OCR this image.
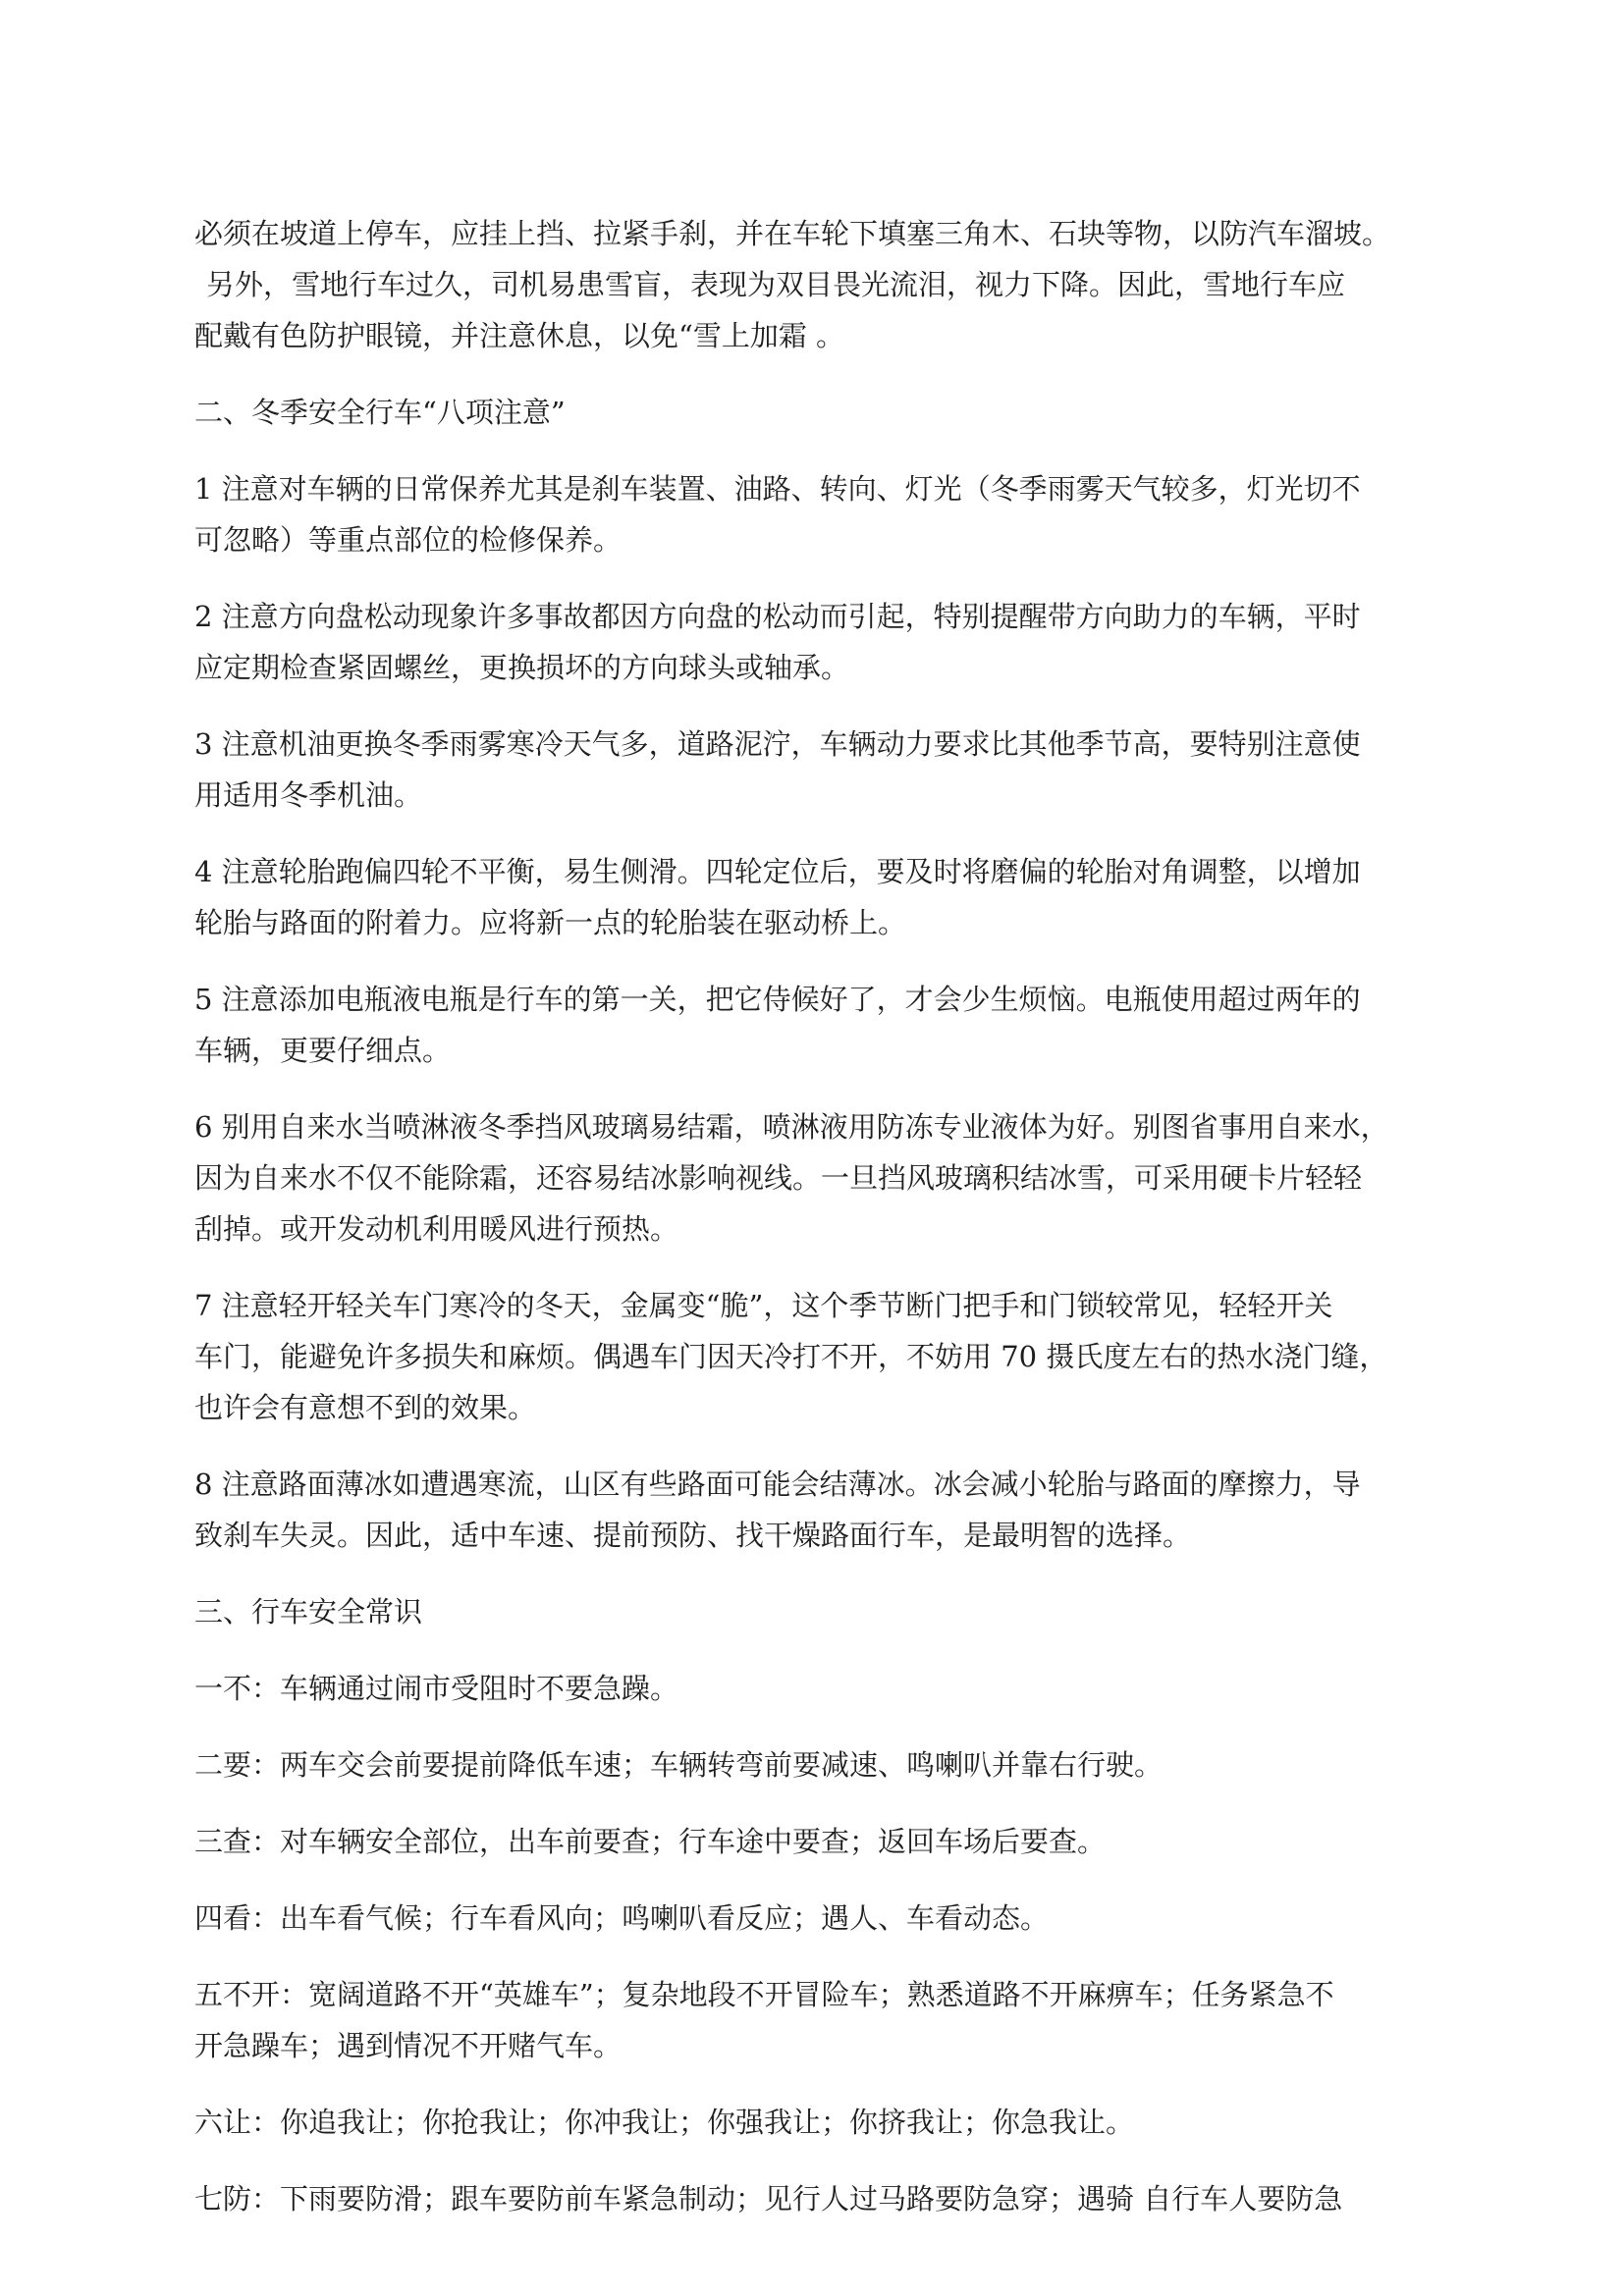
必须在坡道上停车，应挂上挡、拉紧手刹，并在车轮下填塞三角木、石块等物，以防汽车溜坡。
另外，雪地行车过久，司机易患雪盲，表现为双目畏光流泪，视力下降。因此，雪地行车应
配戴有色防护眼镜，并注意休息，以免“雪上加霜 。
二、冬季安全行车“八项注意”
1 注意对车辆的日常保养尤其是刹车装置、油路、转向、灯光（冬季雨雾天气较多，灯光切不
可忽略）等重点部位的检修保养。
2 注意方向盘松动现象许多事故都因方向盘的松动而引起，特别提醒带方向助力的车辆，平时
应定期检查紧固螺丝，更换损坏的方向球头或轴承。
3 注意机油更换冬季雨雾寒冷天气多，道路泥泞，车辆动力要求比其他季节高，要特别注意使
用适用冬季机油。
4 注意轮胎跑偏四轮不平衡，易生侧滑。四轮定位后，要及时将磨偏的轮胎对角调整，以增加
轮胎与路面的附着力。应将新一点的轮胎装在驱动桥上。
5 注意添加电瓶液电瓶是行车的第一关，把它侍候好了，才会少生烦恼。电瓶使用超过两年的
车辆，更要仔细点。
6 别用自来水当喷淋液冬季挡风玻璃易结霜，喷淋液用防冻专业液体为好。别图省事用自来水，
因为自来水不仅不能除霜，还容易结冰影响视线。一旦挡风玻璃积结冰雪，可采用硬卡片轻轻
刮掉。或开发动机利用暖风进行预热。
7 注意轻开轻关车门寒冷的冬天，金属变“脆”，这个季节断门把手和门锁较常见，轻轻开关
车门，能避免许多损失和麻烦。偶遇车门因天冷打不开，不妨用 70 摄氏度左右的热水浇门缝，
也许会有意想不到的效果。
8 注意路面薄冰如遭遇寒流，山区有些路面可能会结薄冰。冰会减小轮胎与路面的摩擦力，导
致刹车失灵。因此，适中车速、提前预防、找干燥路面行车，是最明智的选择。
三、行车安全常识
一不：车辆通过闹市受阻时不要急躁。
二要：两车交会前要提前降低车速；车辆转弯前要减速、鸣喇叭并靠右行驶。
三查：对车辆安全部位，出车前要查；行车途中要查；返回车场后要查。
四看：出车看气候；行车看风向；鸣喇叭看反应；遇人、车看动态。
五不开：宽阔道路不开“英雄车”；复杂地段不开冒险车；熟悉道路不开麻痹车；任务紧急不
开急躁车；遇到情况不开赌气车。
六让：你追我让；你抢我让；你冲我让；你强我让；你挤我让；你急我让。
七防：下雨要防滑；跟车要防前车紧急制动；见行人过马路要防急穿；遇骑 自行车人要防急
